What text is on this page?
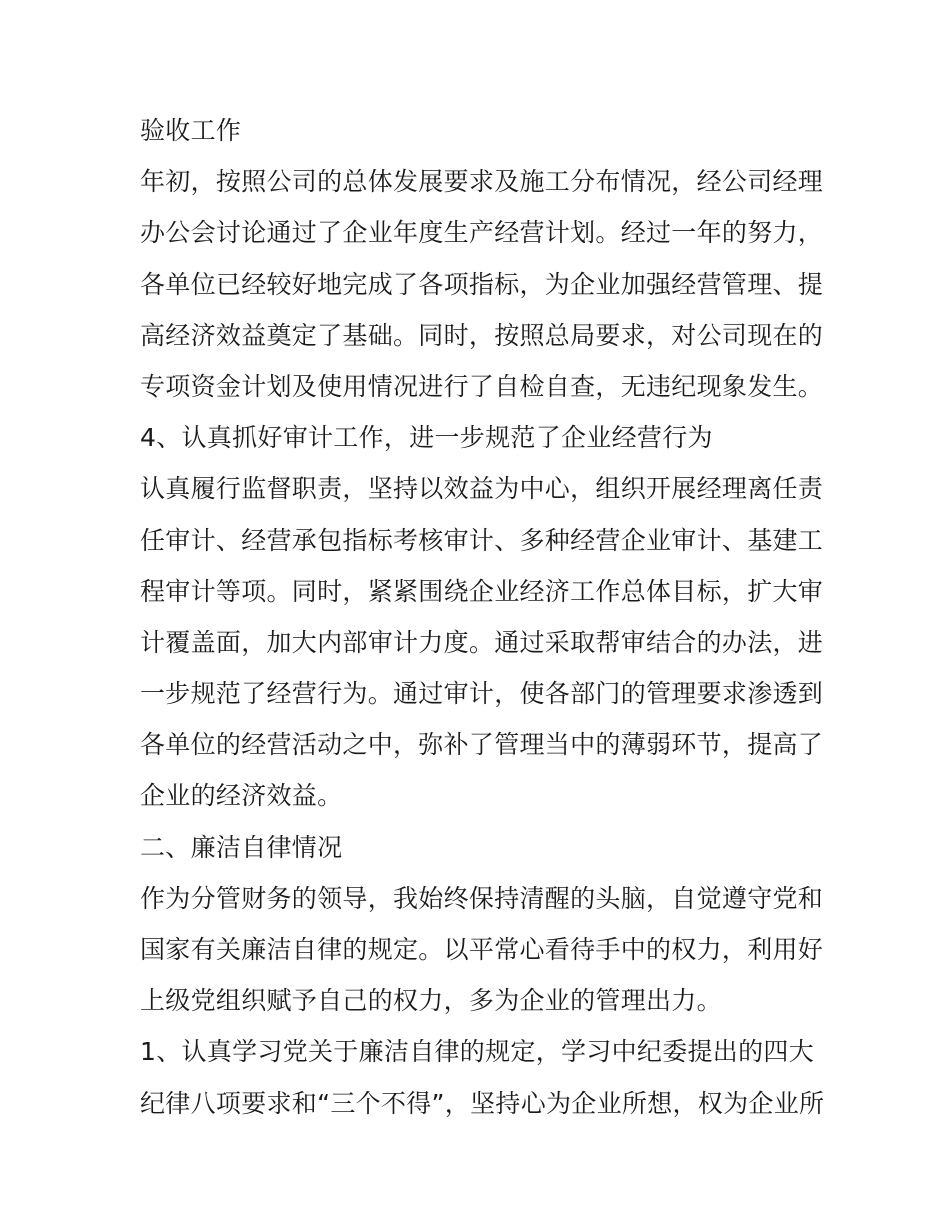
验收工作
年初，按照公司的总体发展要求及施工分布情况，经公司经理
办公会讨论通过了企业年度生产经营计划。经过一年的努力，
各单位已经较好地完成了各项指标，为企业加强经营管理、提
高经济效益奠定了基础。同时，按照总局要求，对公司现在的
专项资金计划及使用情况进行了自检自查，无违纪现象发生。
4、认真抓好审计工作，进一步规范了企业经营行为
认真履行监督职责，坚持以效益为中心，组织开展经理离任责
任审计、经营承包指标考核审计、多种经营企业审计、基建工
程审计等项。同时，紧紧围绕企业经济工作总体目标，扩大审
计覆盖面，加大内部审计力度。通过采取帮审结合的办法，进
一步规范了经营行为。通过审计，使各部门的管理要求渗透到
各单位的经营活动之中，弥补了管理当中的薄弱环节，提高了
企业的经济效益。
二、廉洁自律情况
作为分管财务的领导，我始终保持清醒的头脑，自觉遵守党和
国家有关廉洁自律的规定。以平常心看待手中的权力，利用好
上级党组织赋予自己的权力，多为企业的管理出力。
1、认真学习党关于廉洁自律的规定，学习中纪委提出的四大
纪律八项要求和“三个不得”，坚持心为企业所想，权为企业所
